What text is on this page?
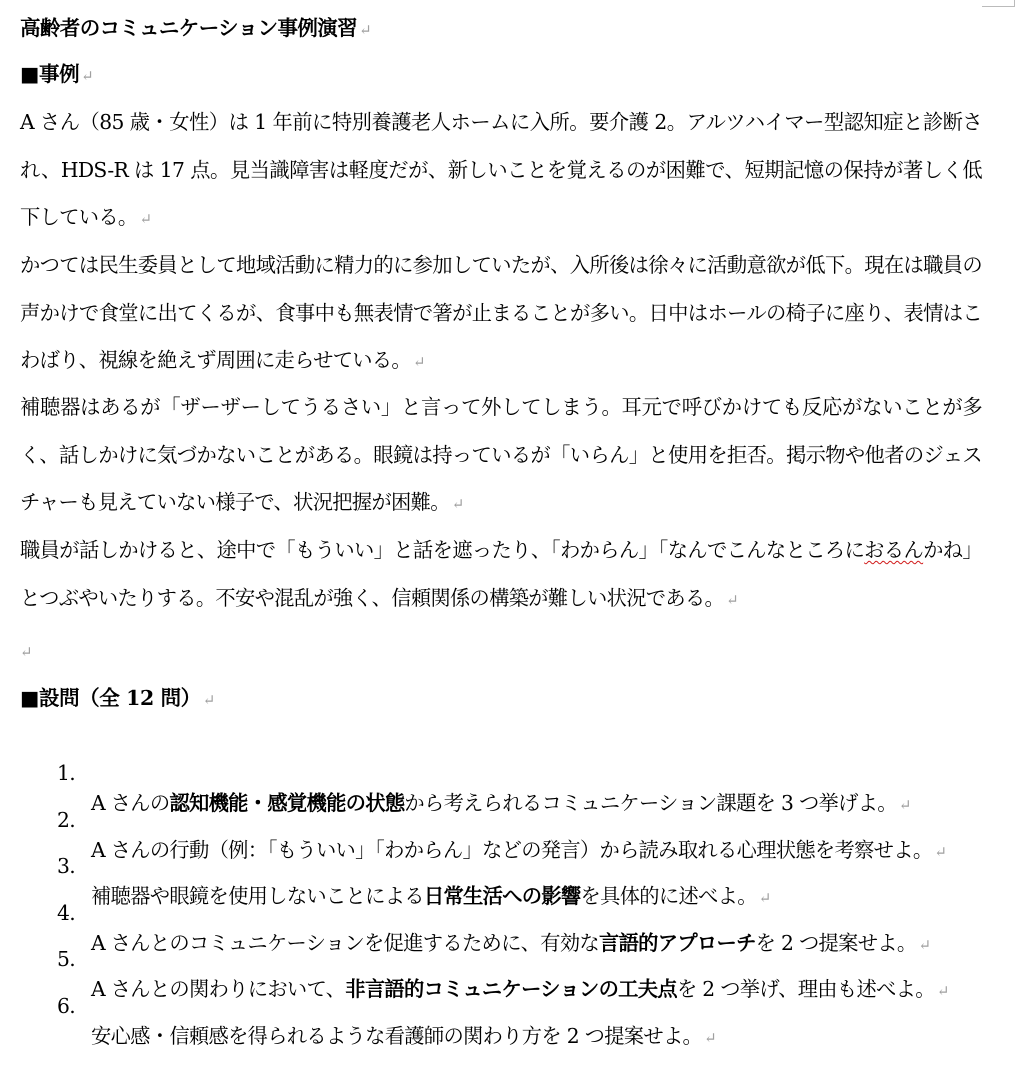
高齢者のコミュニケーション事例演習 ↵
■事例 ↵
A さん（85 歳・女性）は 1 年前に特別養護老人ホームに入所。要介護 2。アルツハイマー型認知症と診断され、HDS-R は 17 点。見当識障害は軽度だが、新しいことを覚えるのが困難で、短期記憶の保持が著しく低下している。 ↵
かつては民生委員として地域活動に精力的に参加していたが、入所後は徐々に活動意欲が低下。現在は職員の声かけで食堂に出てくるが、食事中も無表情で箸が止まることが多い。日中はホールの椅子に座り、表情はこわばり、視線を絶えず周囲に走らせている。 ↵
補聴器はあるが「ザーザーしてうるさい」と言って外してしまう。耳元で呼びかけても反応がないことが多く、話しかけに気づかないことがある。眼鏡は持っているが「いらん」と使用を拒否。掲示物や他者のジェスチャーも見えていない様子で、状況把握が困難。 ↵
職員が話しかけると、途中で「もういい」と話を遮ったり、「わからん」「なんでこんなところにおるんかね」とつぶやいたりする。不安や混乱が強く、信頼関係の構築が難しい状況である。 ↵
↵
■設問（全 12 問） ↵

1.

A さんの認知機能・感覚機能の状態から考えられるコミュニケーション課題を 3 つ挙げよ。 ↵

2.

A さんの行動（例：「もういい」「わからん」などの発言）から読み取れる心理状態を考察せよ。 ↵

3.

補聴器や眼鏡を使用しないことによる日常生活への影響を具体的に述べよ。 ↵

4.

A さんとのコミュニケーションを促進するために、有効な言語的アプローチを 2 つ提案せよ。 ↵

5.

A さんとの関わりにおいて、非言語的コミュニケーションの工夫点を 2 つ挙げ、理由も述べよ。 ↵

6.

安心感・信頼感を得られるような看護師の関わり方を 2 つ提案せよ。 ↵
